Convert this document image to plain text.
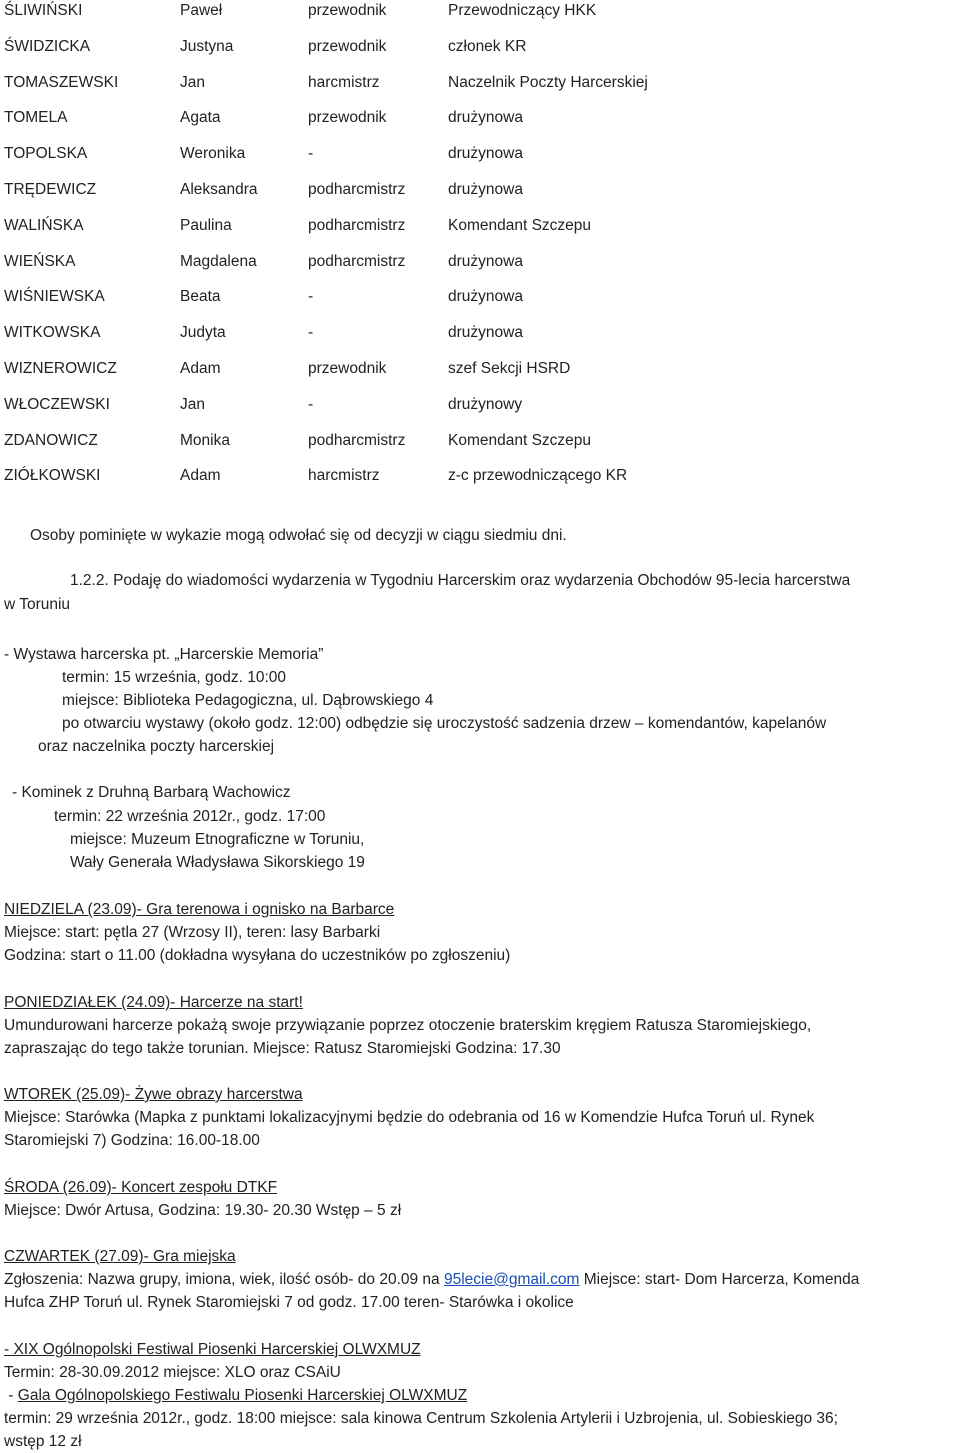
ŚLIWIŃSKI	Paweł	przewodnik	Przewodniczący HKK
ŚWIDZICKA	Justyna	przewodnik	członek KR
TOMASZEWSKI	Jan	harcmistrz	Naczelnik Poczty Harcerskiej
TOMELA	Agata	przewodnik	drużynowa
TOPOLSKA	Weronika	-	drużynowa
TRĘDEWICZ	Aleksandra	podharcmistrz	drużynowa
WALIŃSKA	Paulina	podharcmistrz	Komendant Szczepu
WIEŃSKA	Magdalena	podharcmistrz	drużynowa
WIŚNIEWSKA	Beata	-	drużynowa
WITKOWSKA	Judyta	-	drużynowa
WIZNEROWICZ	Adam	przewodnik	szef Sekcji HSRD
WŁOCZEWSKI	Jan	-	drużynowy
ZDANOWICZ	Monika	podharcmistrz	Komendant Szczepu
ZIÓŁKOWSKI	Adam	harcmistrz	z-c przewodniczącego KR
Osoby pominięte w wykazie mogą odwołać się od decyzji w ciągu siedmiu dni.
1.2.2. Podaję do wiadomości wydarzenia w Tygodniu Harcerskim oraz wydarzenia Obchodów 95-lecia harcerstwa
w Toruniu
- Wystawa harcerska pt. „Harcerskie Memoria”
termin: 15 września, godz. 10:00
miejsce: Biblioteka Pedagogiczna, ul. Dąbrowskiego 4
po otwarciu wystawy (około godz. 12:00) odbędzie się uroczystość sadzenia drzew – komendantów, kapelanów
oraz naczelnika poczty harcerskiej
- Kominek z Druhną Barbarą Wachowicz
termin: 22 września 2012r., godz. 17:00
miejsce: Muzeum Etnograficzne w Toruniu,
Wały Generała Władysława Sikorskiego 19
NIEDZIELA (23.09)- Gra terenowa i ognisko na Barbarce
Miejsce: start: pętla 27 (Wrzosy II), teren: lasy Barbarki
Godzina: start o 11.00 (dokładna wysyłana do uczestników po zgłoszeniu)
PONIEDZIAŁEK (24.09)- Harcerze na start!
Umundurowani harcerze pokażą swoje przywiązanie poprzez otoczenie braterskim kręgiem Ratusza Staromiejskiego,
zapraszając do tego także torunian. Miejsce: Ratusz Staromiejski Godzina: 17.30
WTOREK (25.09)- Żywe obrazy harcerstwa
Miejsce: Starówka (Mapka z punktami lokalizacyjnymi będzie do odebrania od 16 w Komendzie Hufca Toruń ul. Rynek
Staromiejski 7) Godzina: 16.00-18.00
ŚRODA (26.09)- Koncert zespołu DTKF
Miejsce: Dwór Artusa, Godzina: 19.30- 20.30 Wstęp – 5 zł
CZWARTEK (27.09)- Gra miejska
Zgłoszenia: Nazwa grupy, imiona, wiek, ilość osób- do 20.09 na 95lecie@gmail.com Miejsce: start- Dom Harcerza, Komenda
Hufca ZHP Toruń ul. Rynek Staromiejski 7 od godz. 17.00 teren- Starówka i okolice
- XIX Ogólnopolski Festiwal Piosenki Harcerskiej OLWXMUZ
Termin: 28-30.09.2012 miejsce: XLO oraz CSAiU
- Gala Ogólnopolskiego Festiwalu Piosenki Harcerskiej OLWXMUZ
termin: 29 września 2012r., godz. 18:00 miejsce: sala kinowa Centrum Szkolenia Artylerii i Uzbrojenia, ul. Sobieskiego 36;
wstęp 12 zł
